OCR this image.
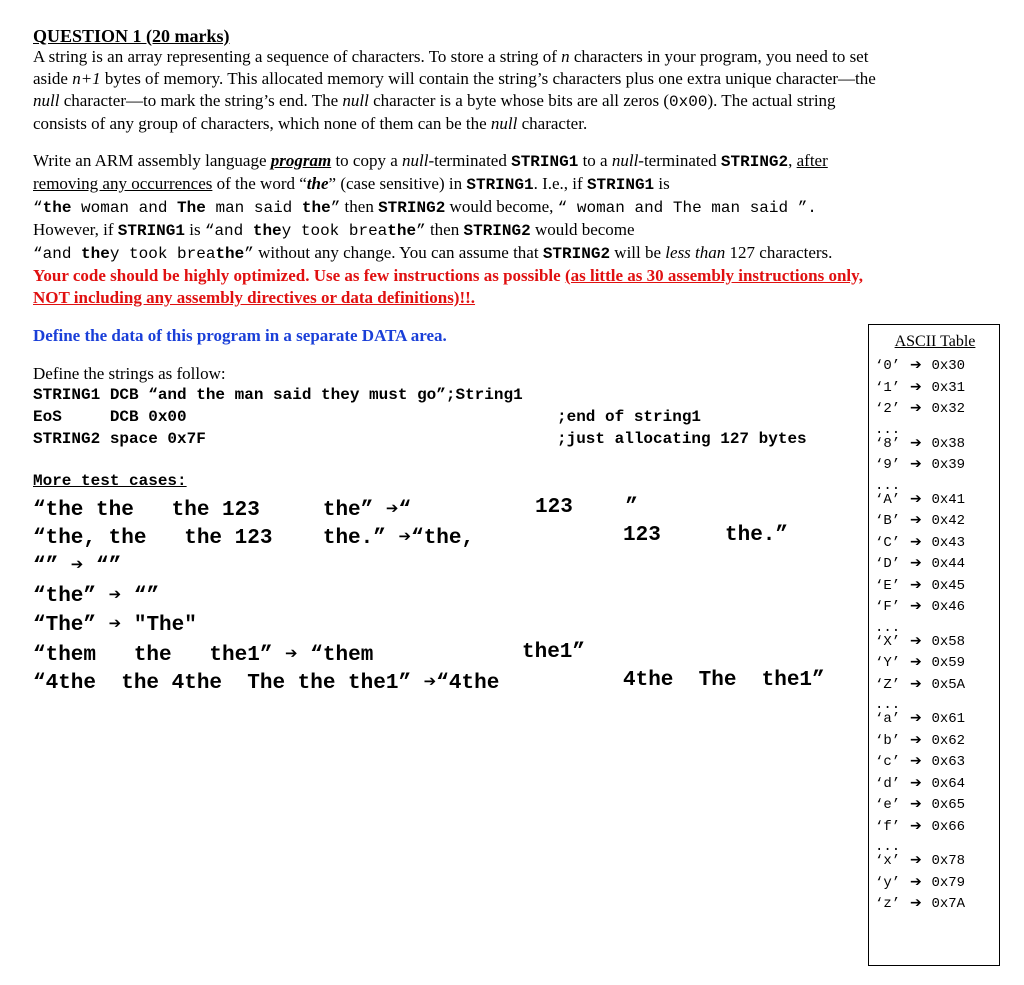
QUESTION 1 (20 marks)
A string is an array representing a sequence of characters. To store a string of n characters in your program, you need to set
aside n+1 bytes of memory. This allocated memory will contain the string’s characters plus one extra unique character—the
null character—to mark the string’s end. The null character is a byte whose bits are all zeros (0x00). The actual string
consists of any group of characters, which none of them can be the null character.
Write an ARM assembly language program to copy a null-terminated STRING1 to a null-terminated STRING2, after
removing any occurrences of the word “the” (case sensitive) in STRING1. I.e., if STRING1 is
“the woman and The man said the” then STRING2 would become, “ woman and The man said ”.
However, if STRING1 is “and they took breathe” then STRING2 would become
“and they took breathe” without any change. You can assume that STRING2 will be less than 127 characters.
Your code should be highly optimized. Use as few instructions as possible (as little as 30 assembly instructions only,
NOT including any assembly directives or data definitions)!!.
Define the data of this program in a separate DATA area.
Define the strings as follow:
STRING1 DCB “and the man said they must go”;String1
EoS     DCB 0x00	;end of string1
STRING2 space 0x7F	;just allocating 127 bytes
More test cases:
“the the   the 123     the” ➔“	123 ”
“the, the   the 123    the.” ➔“the,	123	the.”
“” ➔ “”
“the” ➔ “”
“The” ➔ "The"
“them   the   the1” ➔ “them	the1”
“4the  the 4the  The the the1” ➔“4the	4the  The  the1”
ASCII Table
‘0’  ➔  0x30
‘1’  ➔  0x31
‘2’  ➔  0x32
...
‘8’  ➔  0x38
‘9’  ➔  0x39
...
‘A’  ➔  0x41
‘B’  ➔  0x42
‘C’  ➔  0x43
‘D’  ➔  0x44
‘E’  ➔  0x45
‘F’  ➔  0x46
...
‘X’  ➔  0x58
‘Y’  ➔  0x59
‘Z’  ➔  0x5A
...
‘a’  ➔  0x61
‘b’  ➔  0x62
‘c’  ➔  0x63
‘d’  ➔  0x64
‘e’  ➔  0x65
‘f’  ➔  0x66
...
‘x’  ➔  0x78
‘y’  ➔  0x79
‘z’  ➔  0x7A
